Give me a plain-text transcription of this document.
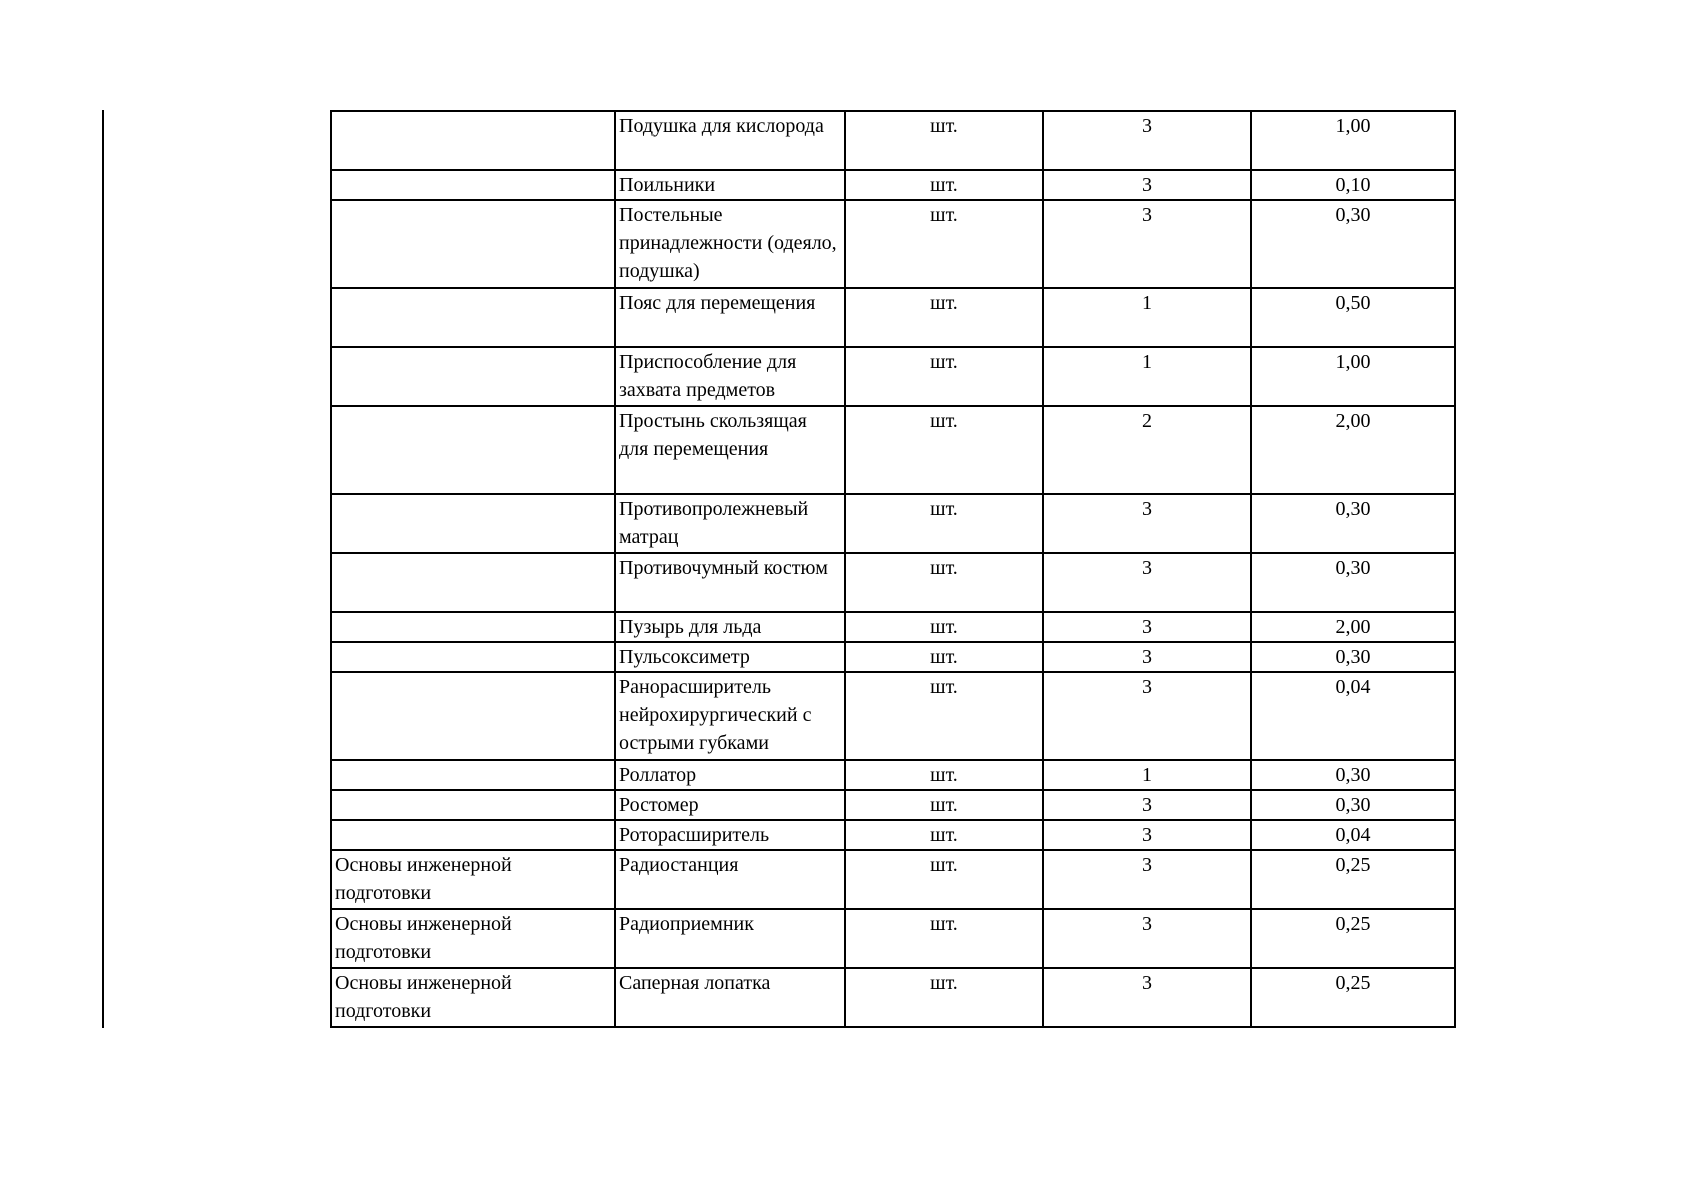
	Подушка для кислорода	шт.	3	1,00
	Поильники	шт.	3	0,10
	Постельные принадлежности (одеяло, подушка)	шт.	3	0,30
	Пояс для перемещения	шт.	1	0,50
	Приспособление для захвата предметов	шт.	1	1,00
	Простынь скользящая для перемещения	шт.	2	2,00
	Противопролежневый матрац	шт.	3	0,30
	Противочумный костюм	шт.	3	0,30
	Пузырь для льда	шт.	3	2,00
	Пульсоксиметр	шт.	3	0,30
	Ранорасширитель нейрохирургический с острыми губками	шт.	3	0,04
	Роллатор	шт.	1	0,30
	Ростомер	шт.	3	0,30
	Роторасширитель	шт.	3	0,04
Основы инженерной подготовки	Радиостанция	шт.	3	0,25
Основы инженерной подготовки	Радиоприемник	шт.	3	0,25
Основы инженерной подготовки	Саперная лопатка	шт.	3	0,25
